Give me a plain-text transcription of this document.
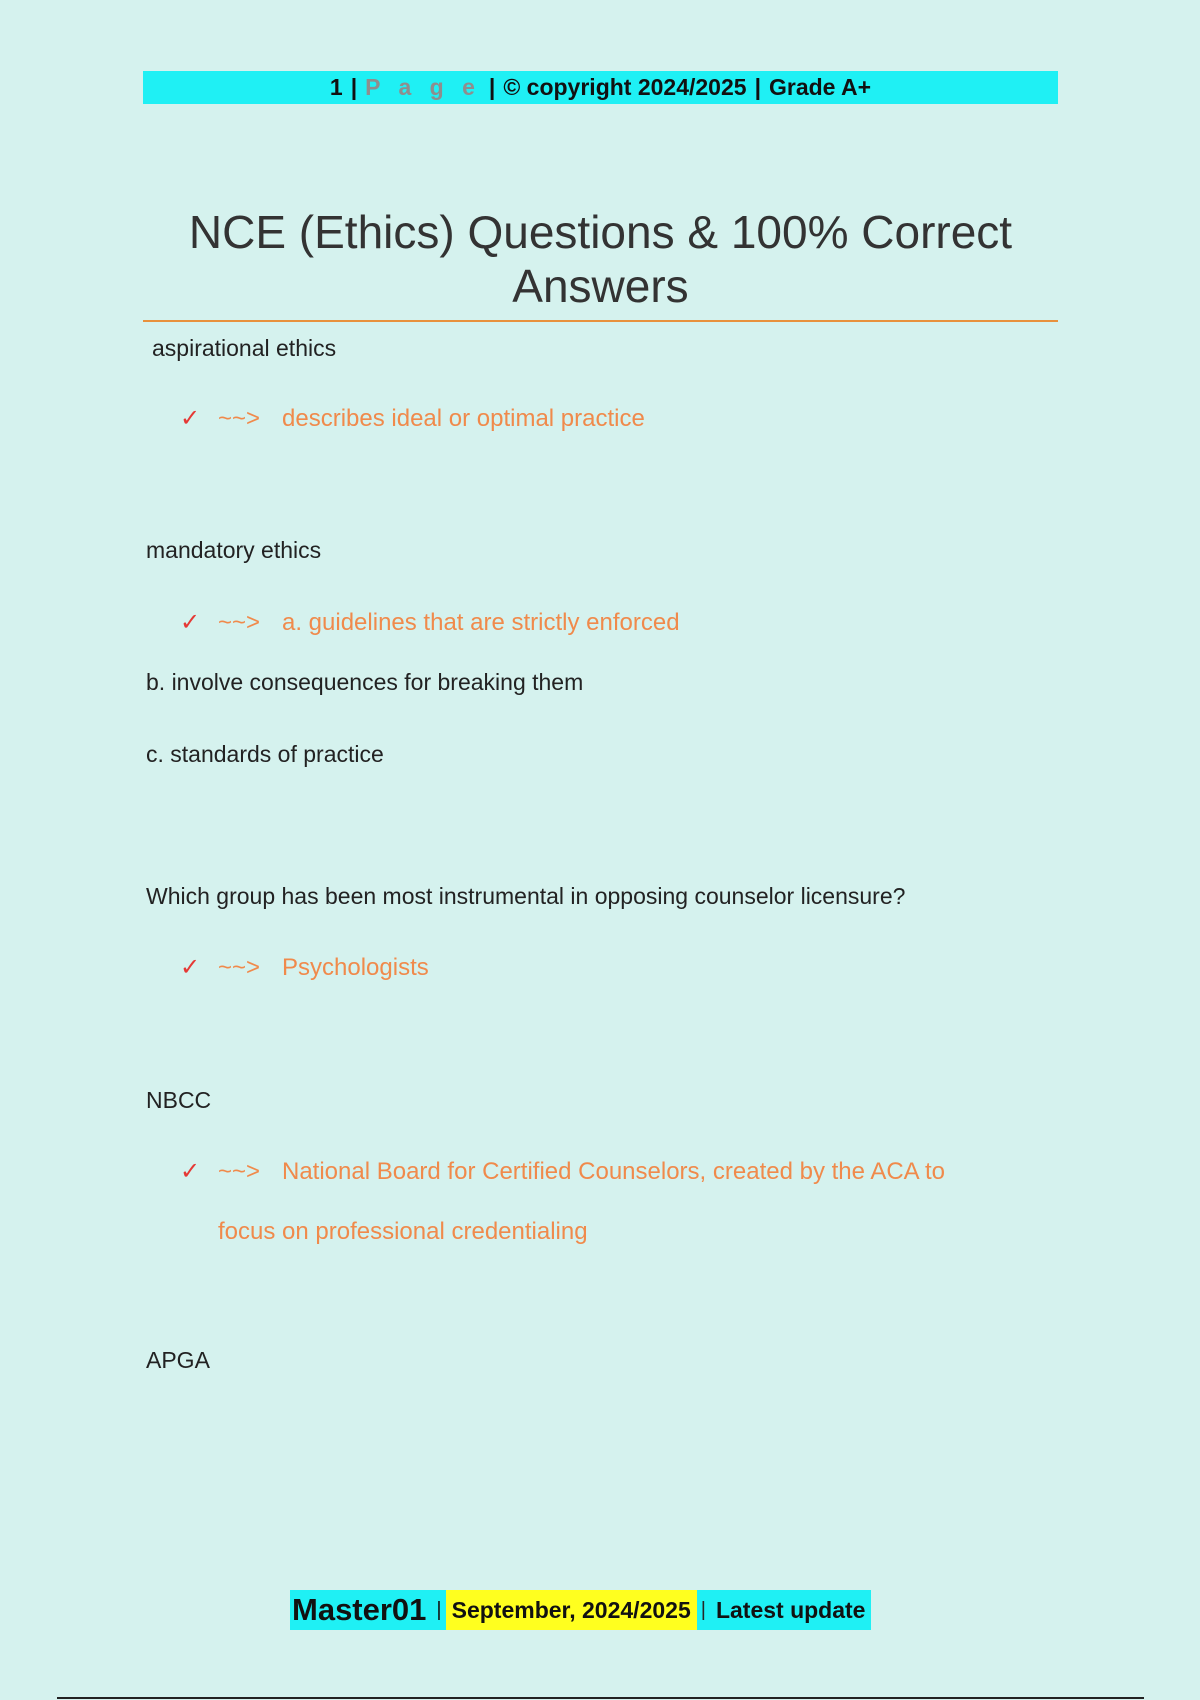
1 | P a g e | © copyright 2024/2025 | Grade A+
NCE (Ethics) Questions & 100% Correct
Answers
aspirational ethics
✓ ~~> describes ideal or optimal practice
mandatory ethics
✓ ~~> a. guidelines that are strictly enforced
b. involve consequences for breaking them
c. standards of practice
Which group has been most instrumental in opposing counselor licensure?
✓ ~~> Psychologists
NBCC
✓ ~~> National Board for Certified Counselors, created by the ACA to
focus on professional credentialing
APGA
Master01 | September, 2024/2025 | Latest update
